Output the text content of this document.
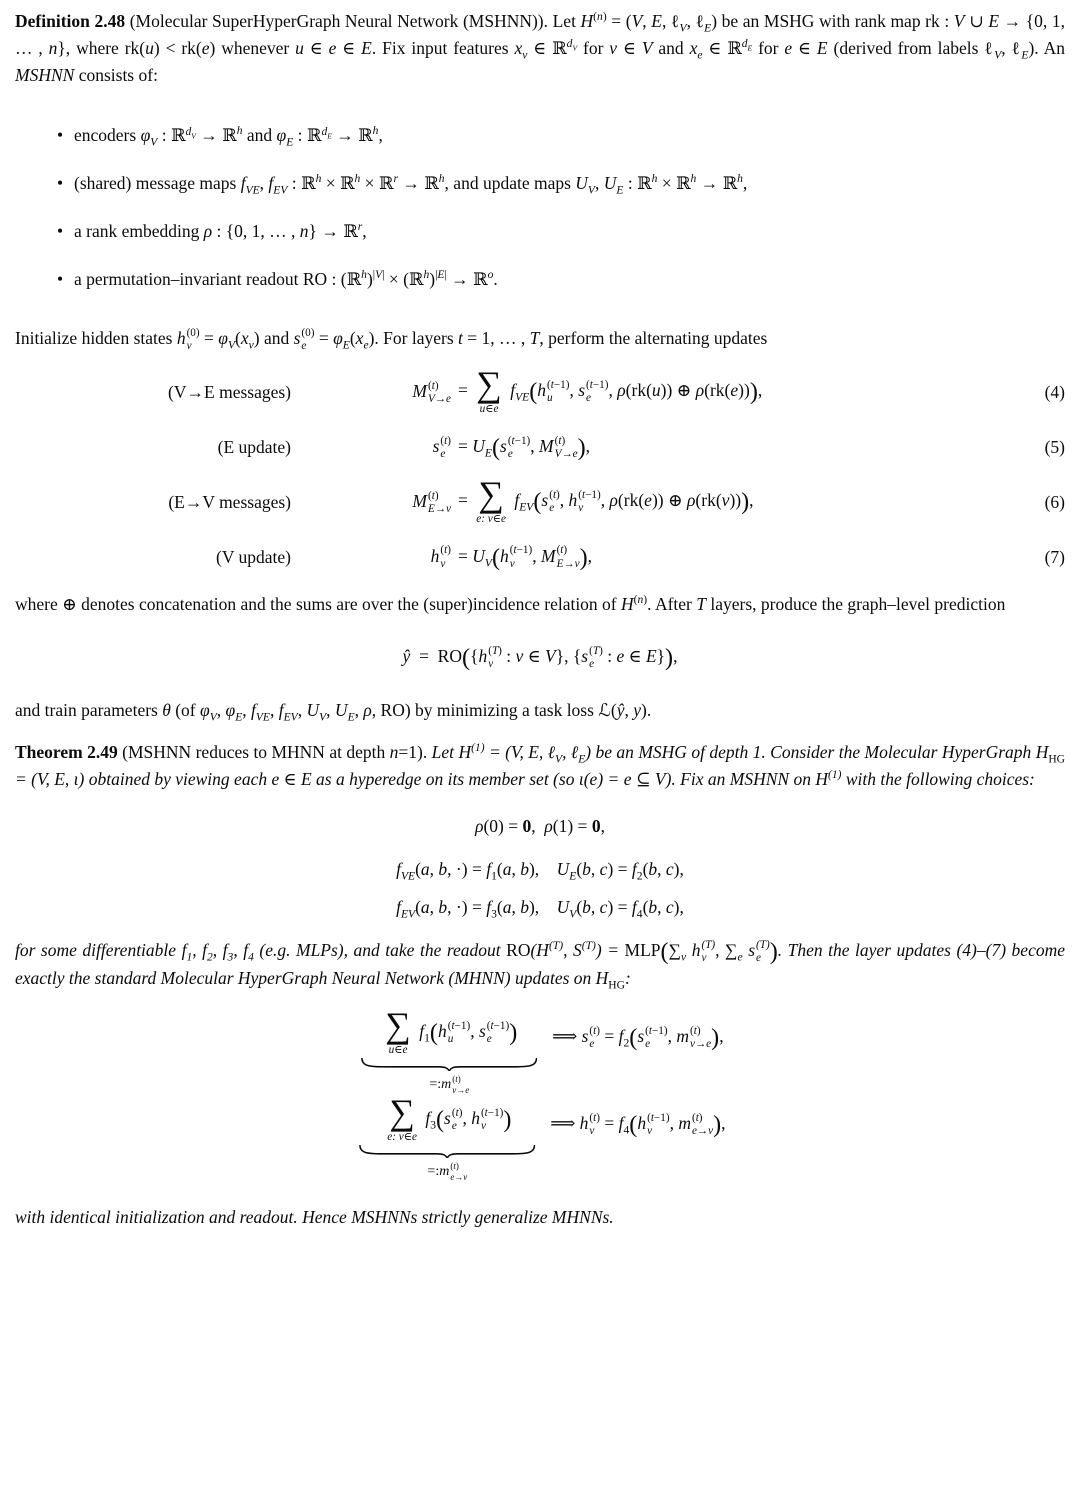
Definition 2.48 (Molecular SuperHyperGraph Neural Network (MSHNN)). Let $H^{(n)} = (V$, E, ℓ$_V$, ℓ$_E$) be an MSHG with rank map rk : V ∪ E → {0, 1, … , n}, where rk(u) < rk(e) whenever u ∈ e ∈ E. Fix input features $x_v$ ∈ ℝ$^{d_V}$ for v ∈ V and $x_e$ ∈ ℝ$^{d_E}$ for e ∈ E (derived from labels ℓ$_V$, ℓ$_E$). An MSHNN consists of:

• encoders $\varphi_V$ : ℝ$^{d_V}$ → ℝ$^h$ and $\varphi_E$ : ℝ$^{d_E}$ → ℝ$^h$,
• (shared) message maps $f_{VE}$, $f_{EV}$ : ℝ$^h$ × ℝ$^h$ × ℝ$^r$ → ℝ$^h$, and update maps $U_V$, $U_E$ : ℝ$^h$ × ℝ$^h$ → ℝ$^h$,
• a rank embedding ρ : {0, 1, … , n} → ℝ$^r$,
• a permutation–invariant readout RO : (ℝ$^h$)$^{|V|}$ × (ℝ$^h$)$^{|E|}$ → ℝ$^o$.

Initialize hidden states h (0)
$v = \varphi_V(x_v)$ and s (0)
$e = \varphi_E(x_e)$. For layers t = 1, … , T, perform the alternating updates

(V→E messages)	M (t)
V→e = ∑
u∈e
$f_{VE}(h$ (t−1)
u , s (t−1)
e , ρ(rk(u)) ⊕ ρ(rk(e))),	(4)
(E update)	s (t)
$e = U_E(s$ (t−1)
e , M (t)
V→e ),	(5)
(E→V messages)	M (t)
E→v = ∑
e: v∈e
$f_{EV}(s$ (t)
e , h (t−1)
v , ρ(rk(e)) ⊕ ρ(rk(v))),	(6)
(V update)	h (t)
$v = U_V(h$ (t−1)
v , M (t)
E→v ),	(7)

where ⊕ denotes concatenation and the sums are over the (super)incidence relation of $H^{(n)}$. After T layers, produce the graph–level prediction

ŷ  =  RO({h (T)
v : v ∈ V}, {s (T)
e : e ∈ E}),

and train parameters θ (of $\varphi_V$, $\varphi_E$, $f_{VE}$, $f_{EV}$, $U_V$, $U_E$, ρ, RO) by minimizing a task loss ℒ(ŷ, y).

Theorem 2.49 (MSHNN reduces to MHNN at depth n=1). Let $H^{(1)} = (V$, E, ℓ$_V$, ℓ$_E$) be an MSHG of depth 1. Consider the Molecular HyperGraph $H_{HG} = (V$, E, ι) obtained by viewing each e ∈ E as a hyperedge on its member set (so ι(e) = e ⊆ V). Fix an MSHNN on $H^{(1)}$ with the following choices:

ρ(0) = 0,  ρ(1) = 0,
$f_{VE}(a$, b, ·) = $f_1(a$, b),    $U_E(b$, $c) = f_2(b$, c),
$f_{EV}(a$, b, ·) = $f_3(a$, b),    $U_V(b$, $c) = f_4(b$, c),

for some differentiable $f_1$, $f_2$, $f_3$, $f_4$ (e.g. MLPs), and take the readout $RO(H^{(T)}$, $S^{(T)}) = MLP(\sum_v$ h (T)
v , $\sum_e$ s (T)
e ). Then the layer updates (4)–(7) become exactly the standard Molecular HyperGraph Neural Network (MHNN) updates on $H_{HG}$:

∑
u∈e
$f_1(h$ (t−1)
u , s (t−1)
e )
=:m (t)
v→e
⟹ s (t)
$e = f_2(s$ (t−1)
e , m (t)
v→e ),
∑
e: v∈e
$f_3(s$ (t)
e , h (t−1)
v )
=:m (t)
e→v
⟹ h (t)
$v = f_4(h$ (t−1)
v , m (t)
e→v ),

with identical initialization and readout. Hence MSHNNs strictly generalize MHNNs.
